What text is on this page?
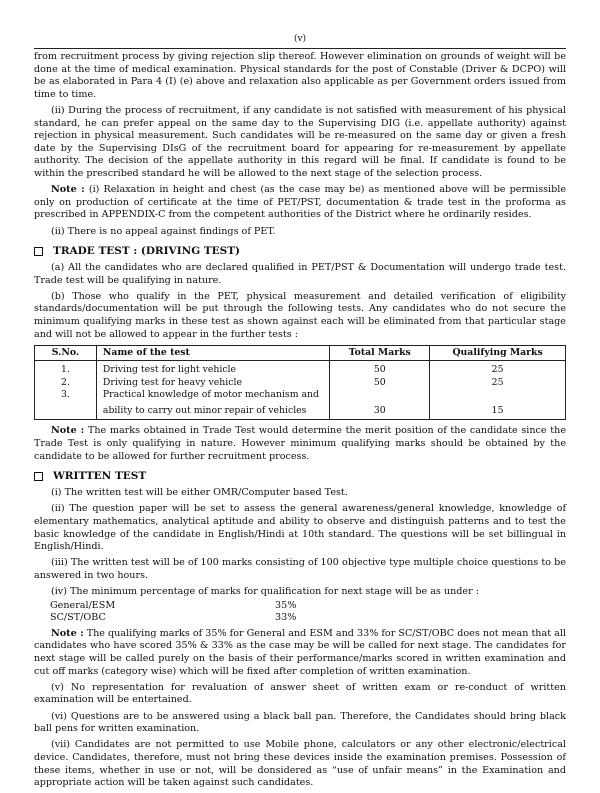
(v)

from recruitment process by giving rejection slip thereof. However elimination on grounds of weight will be done at the time of medical examination. Physical standards for the post of Constable (Driver & DCPO) will be as elaborated in Para 4 (I) (e) above and relaxation also applicable as per Government orders issued from time to time.

(ii) During the process of recruitment, if any candidate is not satisfied with measurement of his physical standard, he can prefer appeal on the same day to the Supervising DIG (i.e. appellate authority) against rejection in physical measurement. Such candidates will be re-measured on the same day or given a fresh date by the Supervising DIsG of the recruitment board for appearing for re-measurement by appellate authority. The decision of the appellate authority in this regard will be final. If candidate is found to be within the prescribed standard he will be allowed to the next stage of the selection process.

Note : (i) Relaxation in height and chest (as the case may be) as mentioned above will be permissible only on production of certificate at the time of PET/PST, documentation & trade test in the proforma as prescribed in APPENDIX-C from the competent authorities of the District where he ordinarily resides.

(ii) There is no appeal against findings of PET.

TRADE TEST : (DRIVING TEST)

(a) All the candidates who are declared qualified in PET/PST & Documentation will undergo trade test. Trade test will be qualifying in nature.

(b) Those who qualify in the PET, physical measurement and detailed verification of eligibility standards/documentation will be put through the following tests. Any candidates who do not secure the minimum qualifying marks in these test as shown against each will be eliminated from that particular stage and will not be allowed to appear in the further tests :

S.No.	Name of the test	Total Marks	Qualifying Marks
1.	Driving test for light vehicle	50	25
2.	Driving test for heavy vehicle	50	25
3.	Practical knowledge of motor mechanism and
ability to carry out minor repair of vehicles	30	15

Note : The marks obtained in Trade Test would determine the merit position of the candidate since the Trade Test is only qualifying in nature. However minimum qualifying marks should be obtained by the candidate to be allowed for further recruitment process.

WRITTEN TEST

(i) The written test will be either OMR/Computer based Test.

(ii) The question paper will be set to assess the general awareness/general knowledge, knowledge of elementary mathematics, analytical aptitude and ability to observe and distinguish patterns and to test the basic knowledge of the candidate in English/Hindi at 10th standard. The questions will be set billingual in English/Hindi.

(iii) The written test will be of 100 marks consisting of 100 objective type multiple choice questions to be answered in two hours.

(iv) The minimum percentage of marks for qualification for next stage will be as under :

General/ESM	35%
SC/ST/OBC	33%

Note : The qualifying marks of 35% for General and ESM and 33% for SC/ST/OBC does not mean that all candidates who have scored 35% & 33% as the case may be will be called for next stage. The candidates for next stage will be called purely on the basis of their performance/marks scored in written examination and cut off marks (category wise) which will be fixed after completion of written examination.

(v) No representation for revaluation of answer sheet of written exam or re-conduct of written examination will be entertained.

(vi) Questions are to be answered using a black ball pan. Therefore, the Candidates should bring black ball pens for written examination.

(vii) Candidates are not permitted to use Mobile phone, calculators or any other electronic/electrical device. Candidates, therefore, must not bring these devices inside the examination premises. Possession of these items, whether in use or not, will be donsidered as “use of unfair means” in the Examination and appropriate action will be taken against such candidates.
